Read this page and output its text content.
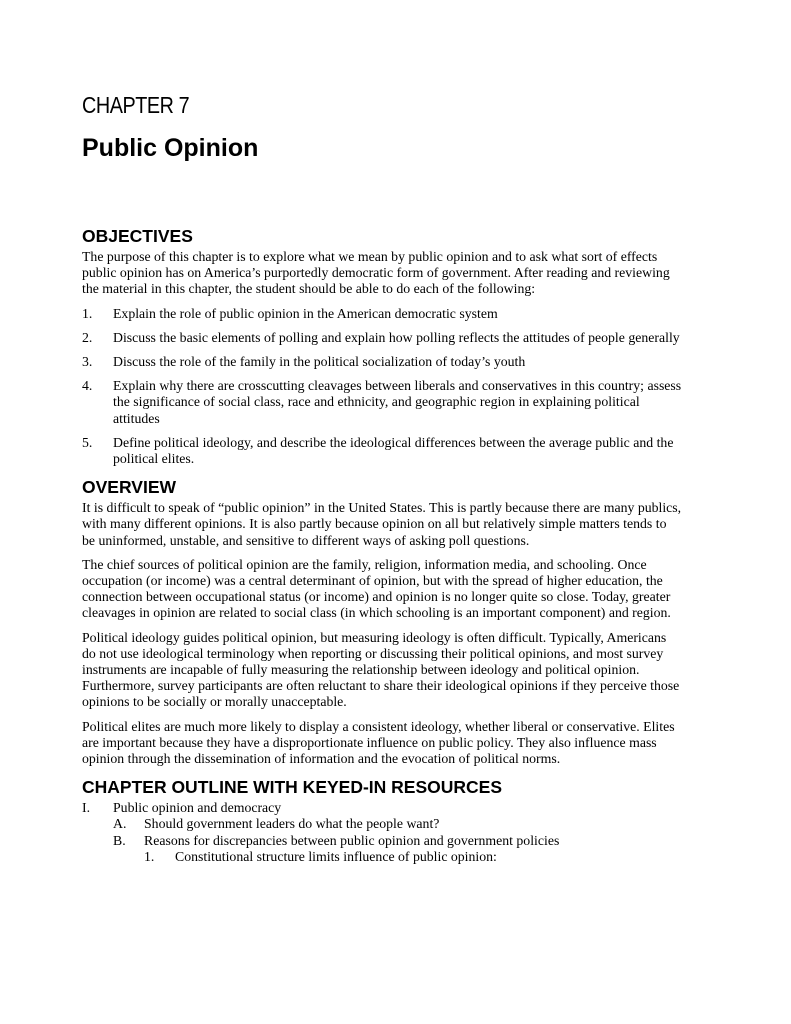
CHAPTER 7
Public Opinion
OBJECTIVES

The purpose of this chapter is to explore what we mean by public opinion and to ask what sort of effects public opinion has on America’s purportedly democratic form of government. After reading and reviewing the material in this chapter, the student should be able to do each of the following:

1.	Explain the role of public opinion in the American democratic system
2.	Discuss the basic elements of polling and explain how polling reflects the attitudes of people generally
3.	Discuss the role of the family in the political socialization of today’s youth
4.	Explain why there are crosscutting cleavages between liberals and conservatives in this country; assess the significance of social class, race and ethnicity, and geographic region in explaining political attitudes
5.	Define political ideology, and describe the ideological differences between the average public and the political elites.
OVERVIEW

It is difficult to speak of “public opinion” in the United States. This is partly because there are many publics, with many different opinions. It is also partly because opinion on all but relatively simple matters tends to be uninformed, unstable, and sensitive to different ways of asking poll questions.

The chief sources of political opinion are the family, religion, information media, and schooling. Once occupation (or income) was a central determinant of opinion, but with the spread of higher education, the connection between occupational status (or income) and opinion is no longer quite so close. Today, greater cleavages in opinion are related to social class (in which schooling is an important component) and region.

Political ideology guides political opinion, but measuring ideology is often difficult. Typically, Americans do not use ideological terminology when reporting or discussing their political opinions, and most survey instruments are incapable of fully measuring the relationship between ideology and political opinion. Furthermore, survey participants are often reluctant to share their ideological opinions if they perceive those opinions to be socially or morally unacceptable.

Political elites are much more likely to display a consistent ideology, whether liberal or conservative. Elites are important because they have a disproportionate influence on public policy. They also influence mass opinion through the dissemination of information and the evocation of political norms.

CHAPTER OUTLINE WITH KEYED-IN RESOURCES
I.	Public opinion and democracy
A.	Should government leaders do what the people want?
B.	Reasons for discrepancies between public opinion and government policies
1.	Constitutional structure limits influence of public opinion:
